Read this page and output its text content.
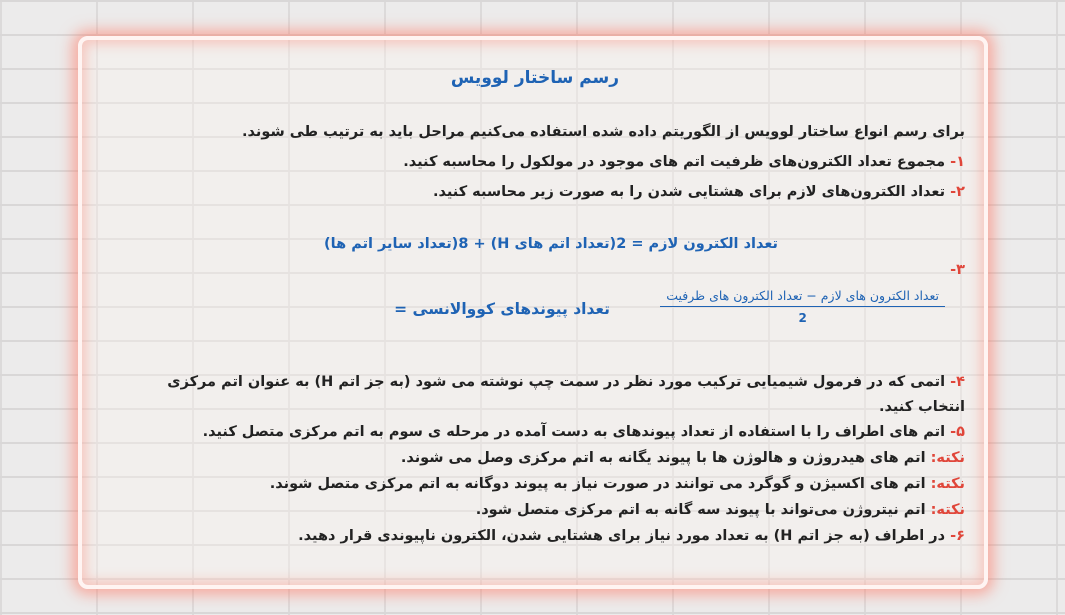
رسم ساختار لوویس
برای رسم انواع ساختار لوویس از الگوریتم داده شده استفاده می‌کنیم مراحل باید به ترتیب طی شوند.
۱- مجموع تعداد الکترون‌های ظرفیت اتم های موجود در مولکول را محاسبه کنید.
۲- تعداد الکترون‌های لازم برای هشتایی شدن را به صورت زیر محاسبه کنید.
تعداد الکترون لازم = 2(تعداد اتم های H) + 8(تعداد سایر اتم ها)
۳-
تعداد پیوندهای کووالانسی =
تعداد الکترون های لازم − تعداد الکترون های ظرفیت
2
۴- اتمی که در فرمول شیمیایی ترکیب مورد نظر در سمت چپ نوشته می شود (به جز اتم H) به عنوان اتم مرکزی
انتخاب کنید.
۵- اتم های اطراف را با استفاده از تعداد پیوندهای به دست آمده در مرحله ی سوم به اتم مرکزی متصل کنید.
نکته: اتم های هیدروژن و هالوژن ها با پیوند یگانه به اتم مرکزی وصل می شوند.
نکته: اتم های اکسیژن و گوگرد می توانند در صورت نیاز به پیوند دوگانه به اتم مرکزی متصل شوند.
نکته: اتم نیتروژن می‌تواند با پیوند سه گانه به اتم مرکزی متصل شود.
۶- در اطراف (به جز اتم H) به تعداد مورد نیاز برای هشتایی شدن، الکترون ناپیوندی قرار دهید.
